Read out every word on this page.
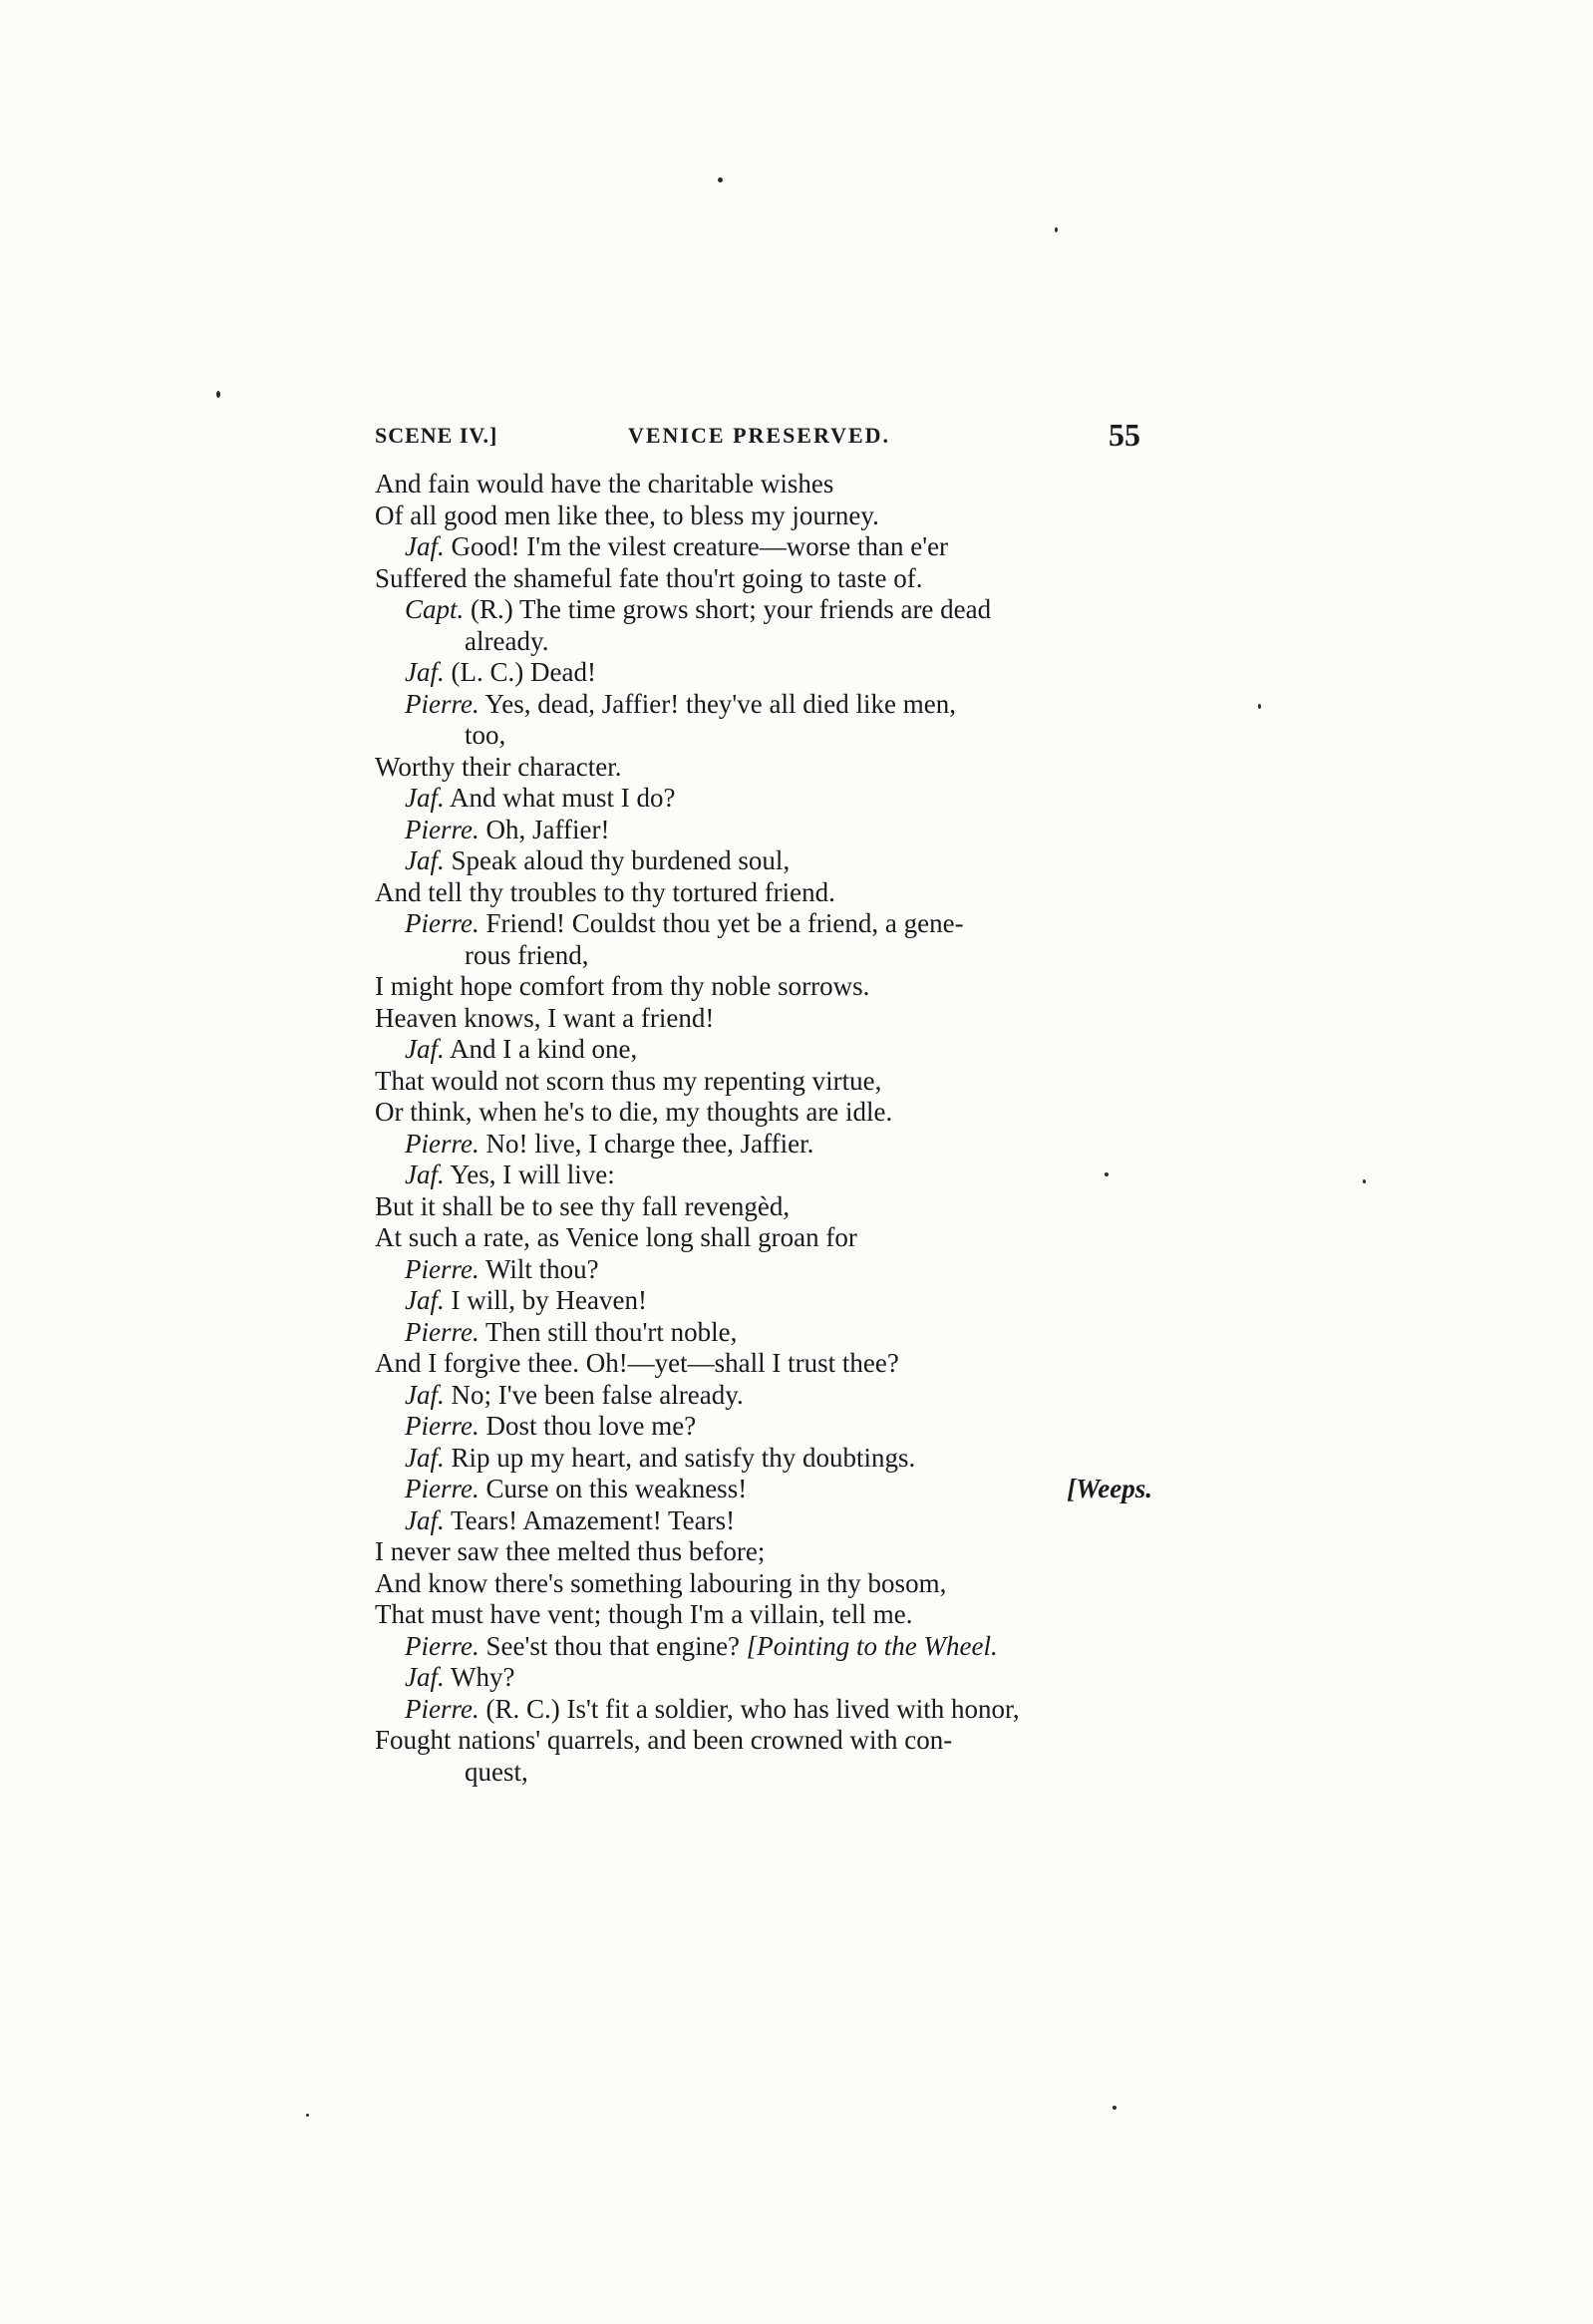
SCENE IV.]	VENICE PRESERVED.	55
And fain would have the charitable wishes
Of all good men like thee, to bless my journey.
Jaf. Good! I'm the vilest creature—worse than e'er
Suffered the shameful fate thou'rt going to taste of.
Capt. (R.) The time grows short; your friends are dead
already.
Jaf. (L. C.) Dead!
Pierre. Yes, dead, Jaffier! they've all died like men,
too,
Worthy their character.
Jaf. And what must I do?
Pierre. Oh, Jaffier!
Jaf. Speak aloud thy burdened soul,
And tell thy troubles to thy tortured friend.
Pierre. Friend! Couldst thou yet be a friend, a gene-
rous friend,
I might hope comfort from thy noble sorrows.
Heaven knows, I want a friend!
Jaf. And I a kind one,
That would not scorn thus my repenting virtue,
Or think, when he's to die, my thoughts are idle.
Pierre. No! live, I charge thee, Jaffier.
Jaf. Yes, I will live:
But it shall be to see thy fall revengèd,
At such a rate, as Venice long shall groan for
Pierre. Wilt thou?
Jaf. I will, by Heaven!
Pierre. Then still thou'rt noble,
And I forgive thee. Oh!—yet—shall I trust thee?
Jaf. No; I've been false already.
Pierre. Dost thou love me?
Jaf. Rip up my heart, and satisfy thy doubtings.
Pierre. Curse on this weakness!	[Weeps.
Jaf. Tears! Amazement! Tears!
I never saw thee melted thus before;
And know there's something labouring in thy bosom,
That must have vent; though I'm a villain, tell me.
Pierre. See'st thou that engine? [Pointing to the Wheel.
Jaf. Why?
Pierre. (R. C.) Is't fit a soldier, who has lived with honor,
Fought nations' quarrels, and been crowned with con-
quest,
